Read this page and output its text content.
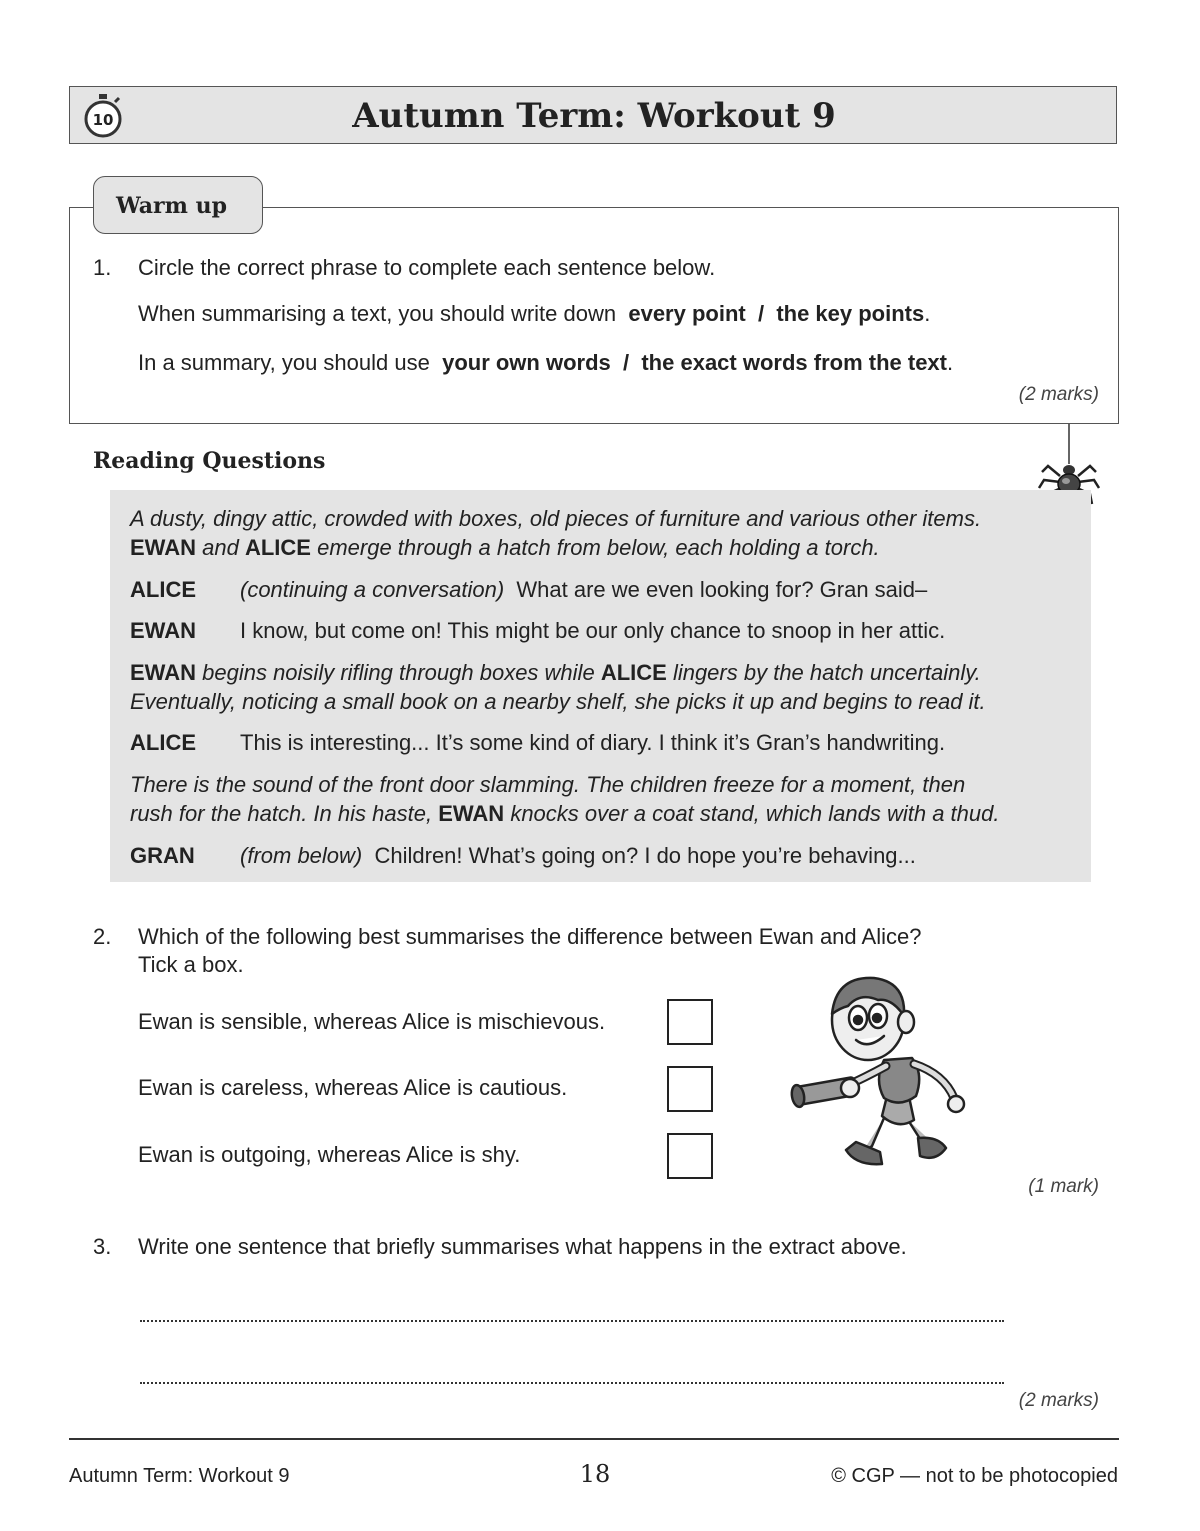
Autumn Term: Workout 9
10
Warm up
1. Circle the correct phrase to complete each sentence below.
When summarising a text, you should write down every point / the key points.
In a summary, you should use your own words / the exact words from the text.
(2 marks)
Reading Questions
A dusty, dingy attic, crowded with boxes, old pieces of furniture and various other items.
EWAN and ALICE emerge through a hatch from below, each holding a torch.
ALICE (continuing a conversation) What are we even looking for? Gran said–
EWAN I know, but come on! This might be our only chance to snoop in her attic.
EWAN begins noisily rifling through boxes while ALICE lingers by the hatch uncertainly.
Eventually, noticing a small book on a nearby shelf, she picks it up and begins to read it.
ALICE This is interesting... It’s some kind of diary. I think it’s Gran’s handwriting.
There is the sound of the front door slamming. The children freeze for a moment, then
rush for the hatch. In his haste, EWAN knocks over a coat stand, which lands with a thud.
GRAN (from below) Children! What’s going on? I do hope you’re behaving...
2. Which of the following best summarises the difference between Ewan and Alice?
Tick a box.
Ewan is sensible, whereas Alice is mischievous.
Ewan is careless, whereas Alice is cautious.
Ewan is outgoing, whereas Alice is shy.
(1 mark)
3. Write one sentence that briefly summarises what happens in the extract above.
(2 marks)
Autumn Term: Workout 9	18	© CGP — not to be photocopied
